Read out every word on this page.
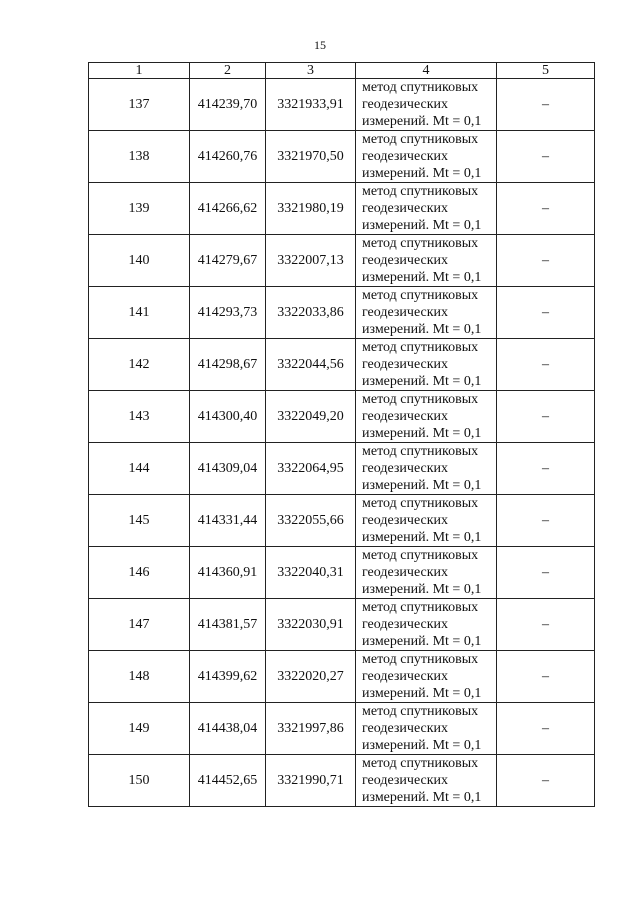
15
1	2	3	4	5
137	414239,70	3321933,91	метод спутниковых
геодезических
измерений. Mt = 0,1	–
138	414260,76	3321970,50	метод спутниковых
геодезических
измерений. Mt = 0,1	–
139	414266,62	3321980,19	метод спутниковых
геодезических
измерений. Mt = 0,1	–
140	414279,67	3322007,13	метод спутниковых
геодезических
измерений. Mt = 0,1	–
141	414293,73	3322033,86	метод спутниковых
геодезических
измерений. Mt = 0,1	–
142	414298,67	3322044,56	метод спутниковых
геодезических
измерений. Mt = 0,1	–
143	414300,40	3322049,20	метод спутниковых
геодезических
измерений. Mt = 0,1	–
144	414309,04	3322064,95	метод спутниковых
геодезических
измерений. Mt = 0,1	–
145	414331,44	3322055,66	метод спутниковых
геодезических
измерений. Mt = 0,1	–
146	414360,91	3322040,31	метод спутниковых
геодезических
измерений. Mt = 0,1	–
147	414381,57	3322030,91	метод спутниковых
геодезических
измерений. Mt = 0,1	–
148	414399,62	3322020,27	метод спутниковых
геодезических
измерений. Mt = 0,1	–
149	414438,04	3321997,86	метод спутниковых
геодезических
измерений. Mt = 0,1	–
150	414452,65	3321990,71	метод спутниковых
геодезических
измерений. Mt = 0,1	–
